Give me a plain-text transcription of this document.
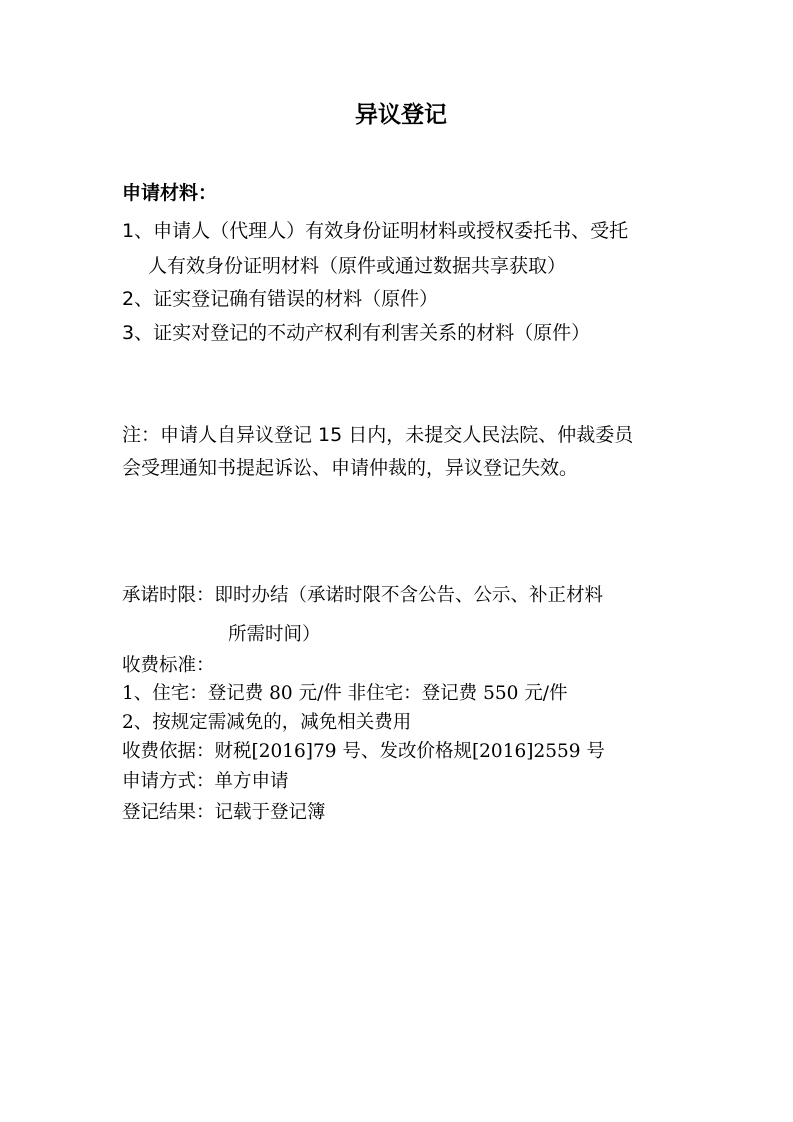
异议登记
申请材料：
1、申请人（代理人）有效身份证明材料或授权委托书、受托
人有效身份证明材料（原件或通过数据共享获取）
2、证实登记确有错误的材料（原件）
3、证实对登记的不动产权利有利害关系的材料（原件）
注：申请人自异议登记 15 日内，未提交人民法院、仲裁委员
会受理通知书提起诉讼、申请仲裁的，异议登记失效。
承诺时限：即时办结（承诺时限不含公告、公示、补正材料
所需时间）
收费标准：
1、住宅：登记费 80 元/件 非住宅：登记费 550 元/件
2、按规定需减免的，减免相关费用
收费依据：财税[2016]79 号、发改价格规[2016]2559 号
申请方式：单方申请
登记结果：记载于登记簿
